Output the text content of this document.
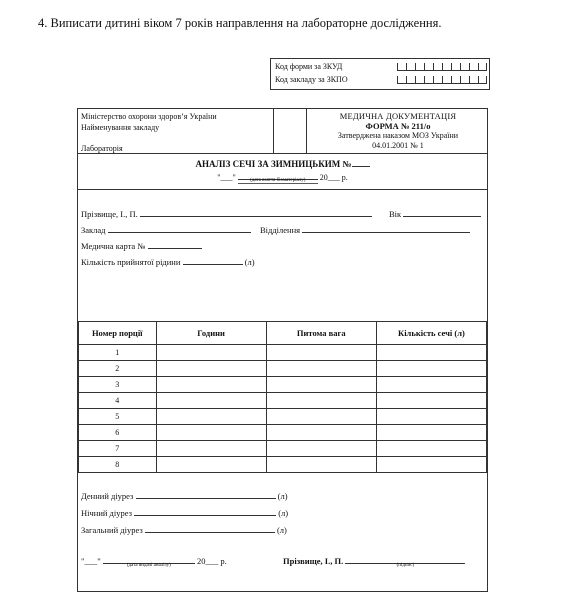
4. Виписати дитині віком 7 років направлення на лабораторне дослідження.
Код форми за ЗКУД
Код закладу за ЗКПО
Міністерство охорони здоров’я України
Найменування закладу
Лабораторія
МЕДИЧНА ДОКУМЕНТАЦІЯ
ФОРМА № 211/о
Затверджена наказом МОЗ України
04.01.2001 № 1
АНАЛІЗ СЕЧІ ЗА ЗИМНИЦЬКИМ №
"___"	(дата взяття біоматеріалу)	20___ р.
Прізвище, І., П.	Вік
Заклад	Відділення
Медична карта №
Кількість прийнятої рідини	(л)
Номер порції	Години	Питома вага	Кількість сечі (л)
1			
2			
3			
4			
5			
6			
7			
8			
Денний діурез	(л)
Нічний діурез	(л)
Загальний діурез	(л)
"___"	(дата видачі аналізу)	20___ р.	Прізвище, І., П.	(підпис)
